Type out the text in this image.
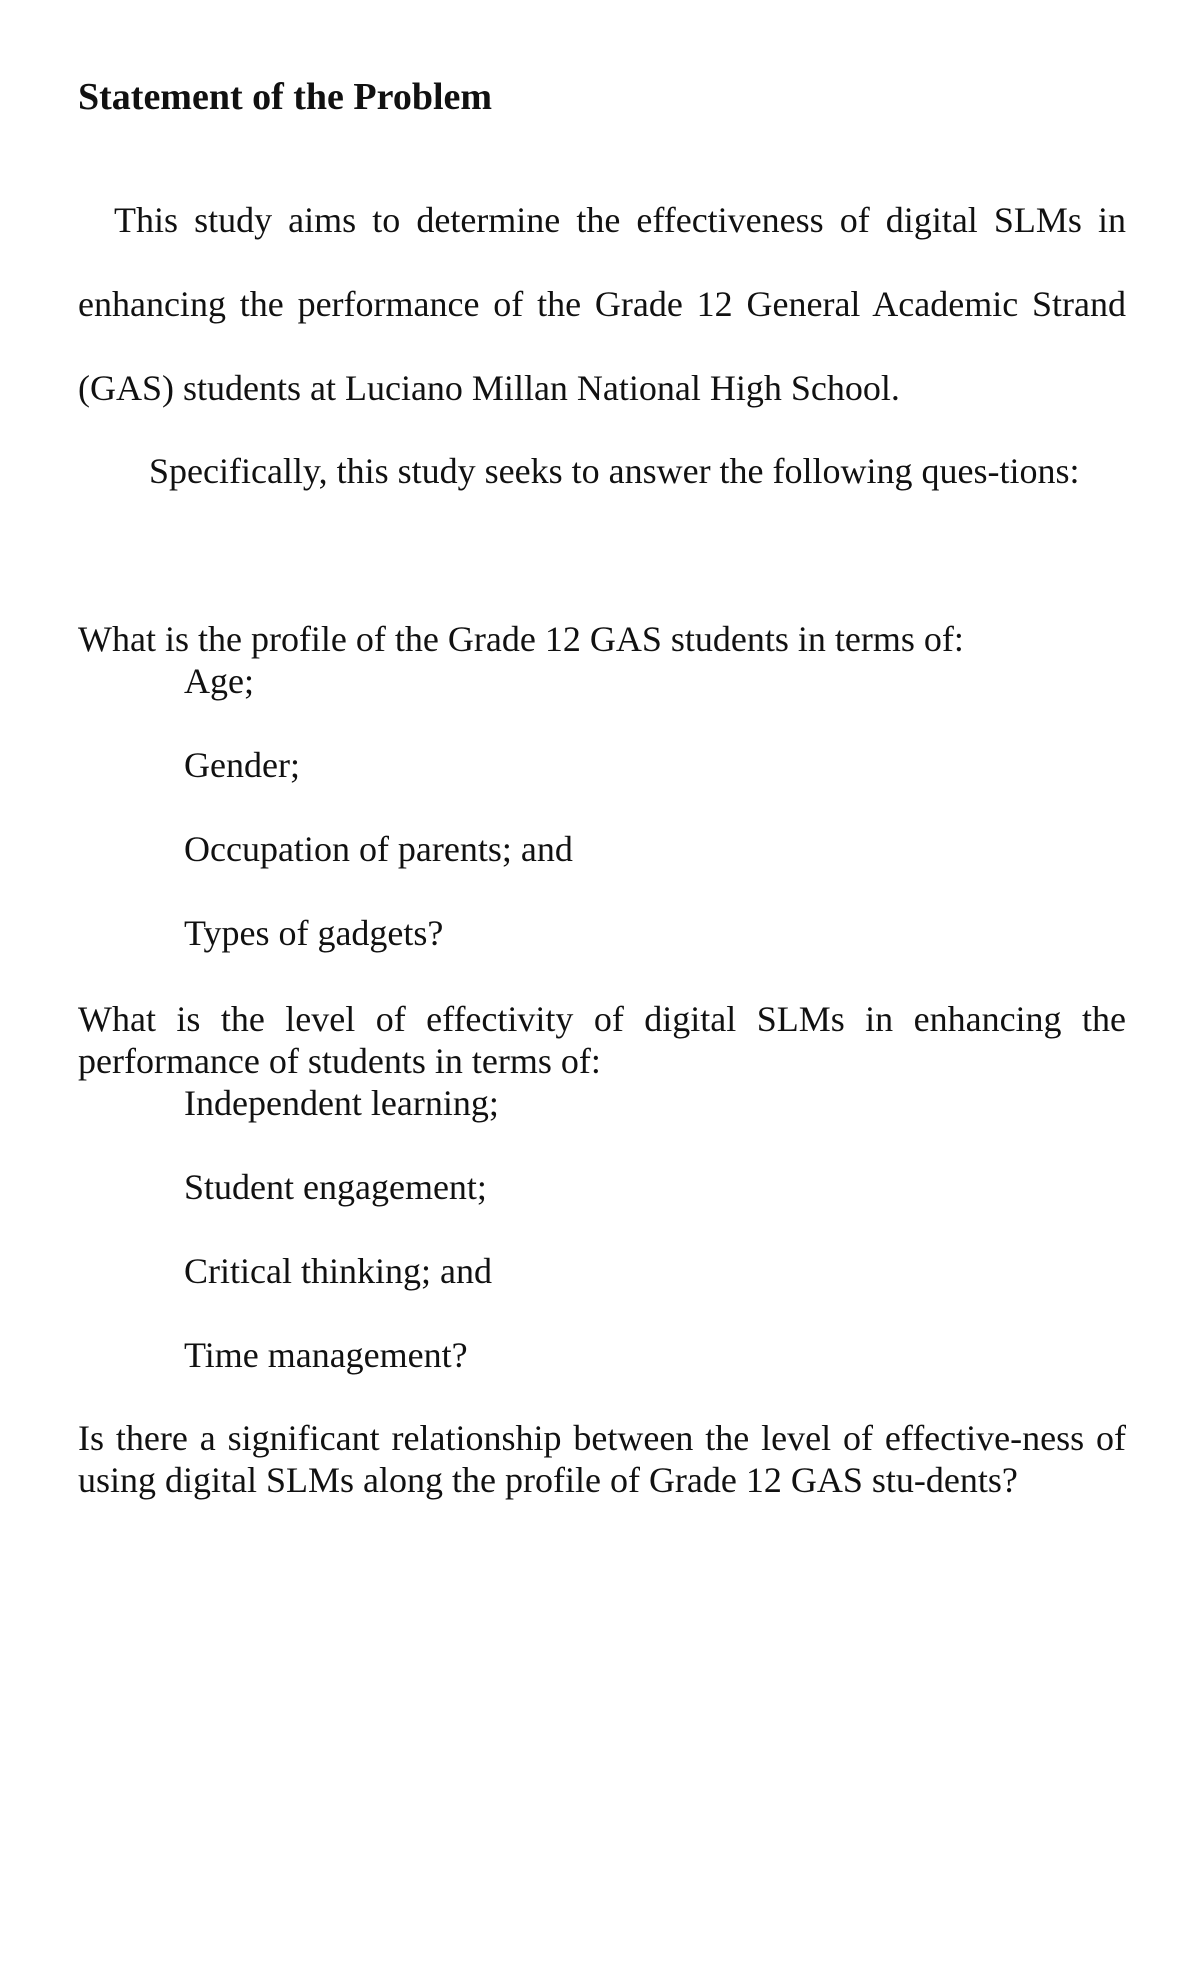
Statement of the Problem

This study aims to determine the effectiveness of digital SLMs in enhancing the performance of the Grade 12 General Academic Strand (GAS) students at Luciano Millan National High School.

Specifically, this study seeks to answer the following ques-tions:

What is the profile of the Grade 12 GAS students in terms of:

Age;
Gender;
Occupation of parents; and
Types of gadgets?

What is the level of effectivity of digital SLMs in enhancing the performance of students in terms of:

Independent learning;
Student engagement;
Critical thinking; and
Time management?

Is there a significant relationship between the level of effective-ness of using digital SLMs along the profile of Grade 12 GAS stu-dents?
